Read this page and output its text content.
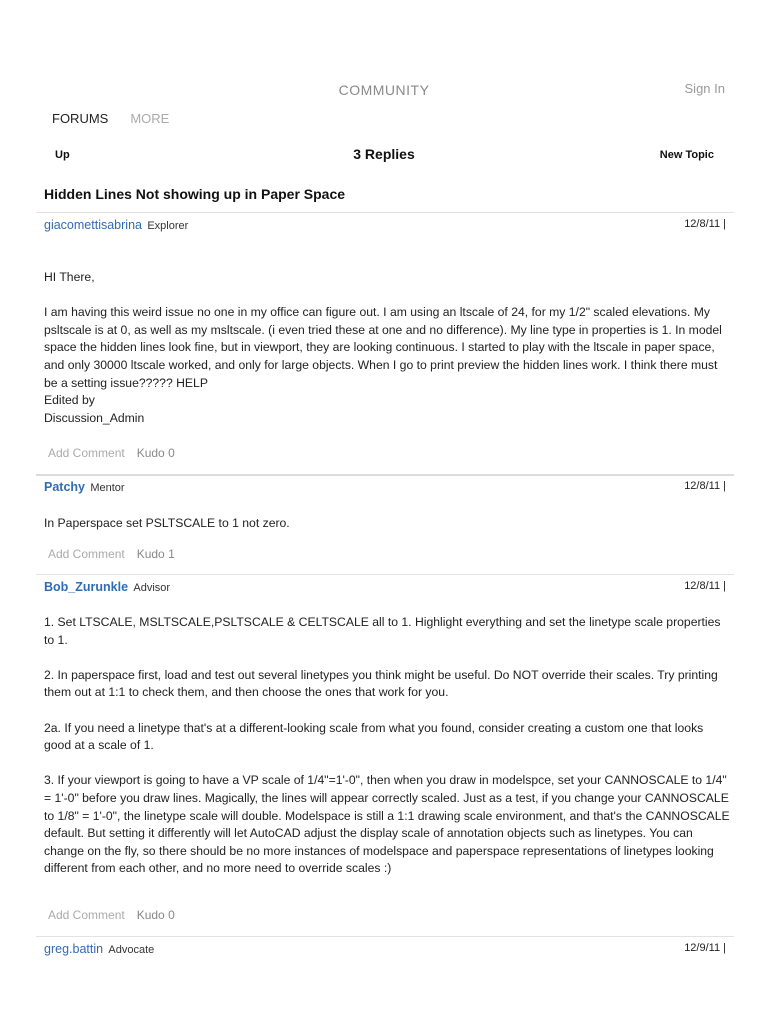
COMMUNITY	Sign In
FORUMS MORE
Up	3 Replies	New Topic
Hidden Lines Not showing up in Paper Space
giacomettisabrina Explorer	12/8/11 |

HI There,

I am having this weird issue no one in my office can figure out. I am using an ltscale of 24, for my 1/2" scaled elevations. My psltscale is at 0, as well as my msltscale. (i even tried these at one and no difference). My line type in properties is 1. In model space the hidden lines look fine, but in viewport, they are looking continuous. I started to play with the ltscale in paper space, and only 30000 ltscale worked, and only for large objects. When I go to print preview the hidden lines work. I think there must be a setting issue????? HELP

Edited by

Discussion_Admin

Add Comment Kudo 0
Patchy Mentor	12/8/11 |

In Paperspace set PSLTSCALE to 1 not zero.

Add Comment Kudo 1
Bob_Zurunkle Advisor	12/8/11 |

1. Set LTSCALE, MSLTSCALE,PSLTSCALE & CELTSCALE all to 1. Highlight everything and set the linetype scale properties to 1.

2. In paperspace first, load and test out several linetypes you think might be useful. Do NOT override their scales. Try printing them out at 1:1 to check them, and then choose the ones that work for you.

2a. If you need a linetype that's at a different-looking scale from what you found, consider creating a custom one that looks good at a scale of 1.

3. If your viewport is going to have a VP scale of 1/4"=1'-0", then when you draw in modelspce, set your CANNOSCALE to 1/4" = 1'-0" before you draw lines. Magically, the lines will appear correctly scaled. Just as a test, if you change your CANNOSCALE to 1/8" = 1'-0", the linetype scale will double. Modelspace is still a 1:1 drawing scale environment, and that's the CANNOSCALE default. But setting it differently will let AutoCAD adjust the display scale of annotation objects such as linetypes. You can change on the fly, so there should be no more instances of modelspace and paperspace representations of linetypes looking different from each other, and no more need to override scales :)

Add Comment Kudo 0
greg.battin Advocate	12/9/11 |
